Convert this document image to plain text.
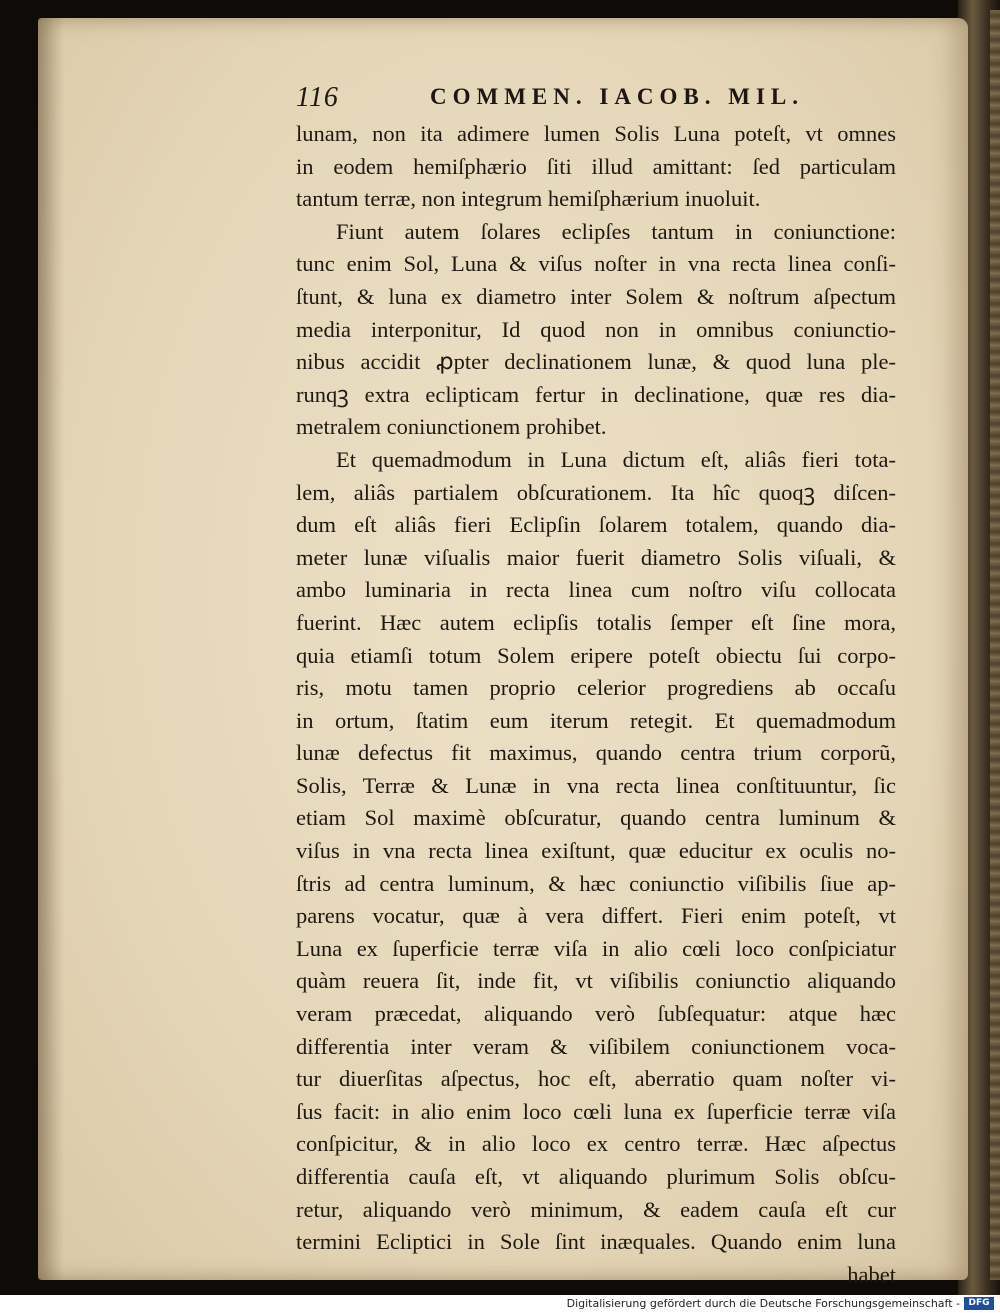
116	COMMEN. IACOB. MIL.
lunam, non ita adimere lumen Solis Luna poteſt, vt omnes
in eodem hemiſphærio ſiti illud amittant: ſed particulam
tantum terræ, non integrum hemiſphærium inuoluit.
Fiunt autem ſolares eclipſes tantum in coniunctione:
tunc enim Sol, Luna & viſus noſter in vna recta linea conſi-
ſtunt, & luna ex diametro inter Solem & noſtrum aſpectum
media interponitur, Id quod non in omnibus coniunctio-
nibus accidit ꝓpter declinationem lunæ, & quod luna ple-
runqꝫ extra eclipticam fertur in declinatione, quæ res dia-
metralem coniunctionem prohibet.
Et quemadmodum in Luna dictum eſt, aliâs fieri tota-
lem, aliâs partialem obſcurationem. Ita hîc quoqꝫ diſcen-
dum eſt aliâs fieri Eclipſin ſolarem totalem, quando dia-
meter lunæ viſualis maior fuerit diametro Solis viſuali, &
ambo luminaria in recta linea cum noſtro viſu collocata
fuerint. Hæc autem eclipſis totalis ſemper eſt ſine mora,
quia etiamſi totum Solem eripere poteſt obiectu ſui corpo-
ris, motu tamen proprio celerior progrediens ab occaſu
in ortum, ſtatim eum iterum retegit. Et quemadmodum
lunæ defectus fit maximus, quando centra trium corporũ,
Solis, Terræ & Lunæ in vna recta linea conſtituuntur, ſic
etiam Sol maximè obſcuratur, quando centra luminum &
viſus in vna recta linea exiſtunt, quæ educitur ex oculis no-
ſtris ad centra luminum, & hæc coniunctio viſibilis ſiue ap-
parens vocatur, quæ à vera differt. Fieri enim poteſt, vt
Luna ex ſuperficie terræ viſa in alio cœli loco conſpiciatur
quàm reuera ſit, inde fit, vt viſibilis coniunctio aliquando
veram præcedat, aliquando verò ſubſequatur: atque hæc
differentia inter veram & viſibilem coniunctionem voca-
tur diuerſitas aſpectus, hoc eſt, aberratio quam noſter vi-
ſus facit: in alio enim loco cœli luna ex ſuperficie terræ viſa
conſpicitur, & in alio loco ex centro terræ. Hæc aſpectus
differentia cauſa eſt, vt aliquando plurimum Solis obſcu-
retur, aliquando verò minimum, & eadem cauſa eſt cur
termini Ecliptici in Sole ſint inæquales. Quando enim luna
habet
Digitalisierung gefördert durch die Deutsche Forschungsgemeinschaft - DFG
